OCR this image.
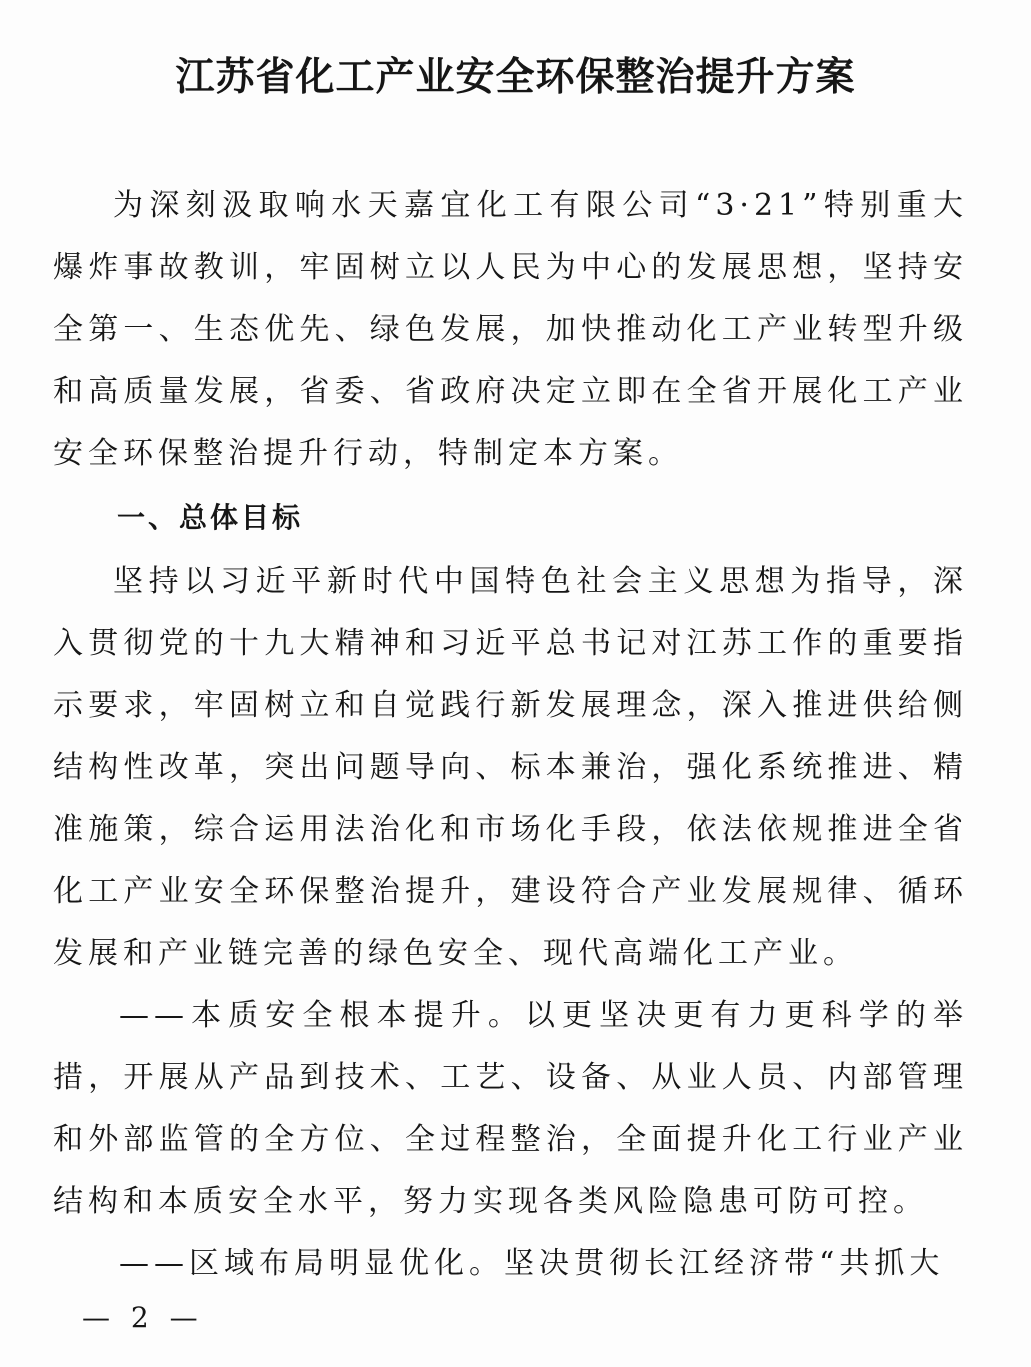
江苏省化工产业安全环保整治提升方案

为深刻汲取响水天嘉宜化工有限公司“3·21”特别重大爆炸事故教训，牢固树立以人民为中心的发展思想，坚持安全第一、生态优先、绿色发展，加快推动化工产业转型升级和高质量发展，省委、省政府决定立即在全省开展化工产业安全环保整治提升行动，特制定本方案。

一、总体目标

坚持以习近平新时代中国特色社会主义思想为指导，深入贯彻党的十九大精神和习近平总书记对江苏工作的重要指示要求，牢固树立和自觉践行新发展理念，深入推进供给侧结构性改革，突出问题导向、标本兼治，强化系统推进、精准施策，综合运用法治化和市场化手段，依法依规推进全省化工产业安全环保整治提升，建设符合产业发展规律、循环发展和产业链完善的绿色安全、现代高端化工产业。

——本质安全根本提升。以更坚决更有力更科学的举措，开展从产品到技术、工艺、设备、从业人员、内部管理和外部监管的全方位、全过程整治，全面提升化工行业产业结构和本质安全水平，努力实现各类风险隐患可防可控。

——区域布局明显优化。坚决贯彻长江经济带“共抓大

— 2 —
